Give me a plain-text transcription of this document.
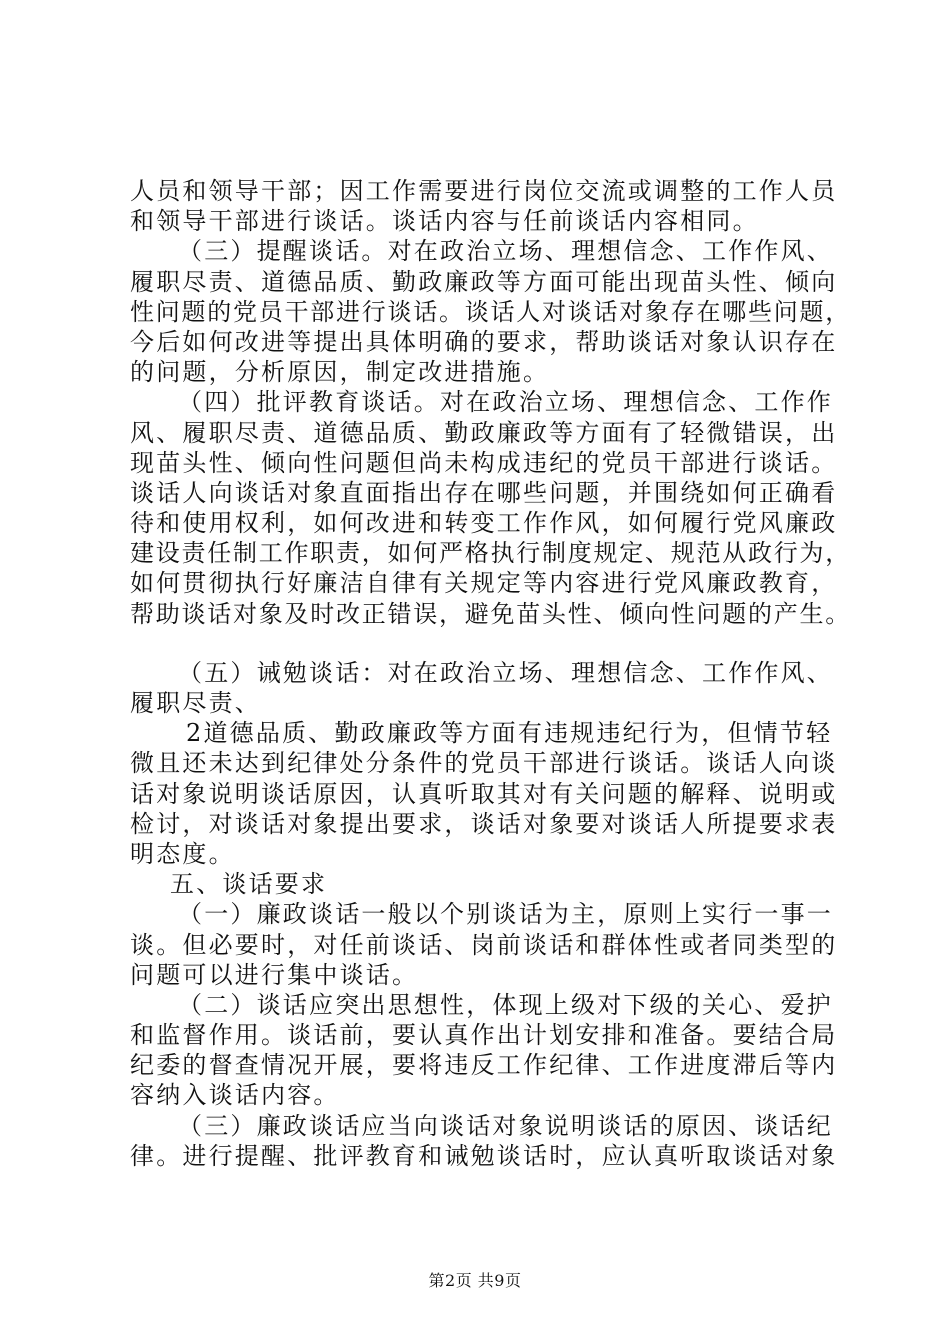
人员和领导干部；因工作需要进行岗位交流或调整的工作人员
和领导干部进行谈话。谈话内容与任前谈话内容相同。
（三）提醒谈话。对在政治立场、理想信念、工作作风、
履职尽责、道德品质、勤政廉政等方面可能出现苗头性、倾向
性问题的党员干部进行谈话。谈话人对谈话对象存在哪些问题，
今后如何改进等提出具体明确的要求，帮助谈话对象认识存在
的问题，分析原因，制定改进措施。
（四）批评教育谈话。对在政治立场、理想信念、工作作
风、履职尽责、道德品质、勤政廉政等方面有了轻微错误，出
现苗头性、倾向性问题但尚未构成违纪的党员干部进行谈话。
谈话人向谈话对象直面指出存在哪些问题，并围绕如何正确看
待和使用权利，如何改进和转变工作作风，如何履行党风廉政
建设责任制工作职责，如何严格执行制度规定、规范从政行为，
如何贯彻执行好廉洁自律有关规定等内容进行党风廉政教育，
帮助谈话对象及时改正错误，避免苗头性、倾向性问题的产生。
（五）诫勉谈话：对在政治立场、理想信念、工作作风、
履职尽责、
2道德品质、勤政廉政等方面有违规违纪行为，但情节轻
微且还未达到纪律处分条件的党员干部进行谈话。谈话人向谈
话对象说明谈话原因，认真听取其对有关问题的解释、说明或
检讨，对谈话对象提出要求，谈话对象要对谈话人所提要求表
明态度。
五、谈话要求
（一）廉政谈话一般以个别谈话为主，原则上实行一事一
谈。但必要时，对任前谈话、岗前谈话和群体性或者同类型的
问题可以进行集中谈话。
（二）谈话应突出思想性，体现上级对下级的关心、爱护
和监督作用。谈话前，要认真作出计划安排和准备。要结合局
纪委的督查情况开展，要将违反工作纪律、工作进度滞后等内
容纳入谈话内容。
（三）廉政谈话应当向谈话对象说明谈话的原因、谈话纪
律。进行提醒、批评教育和诫勉谈话时，应认真听取谈话对象
第2页 共9页
